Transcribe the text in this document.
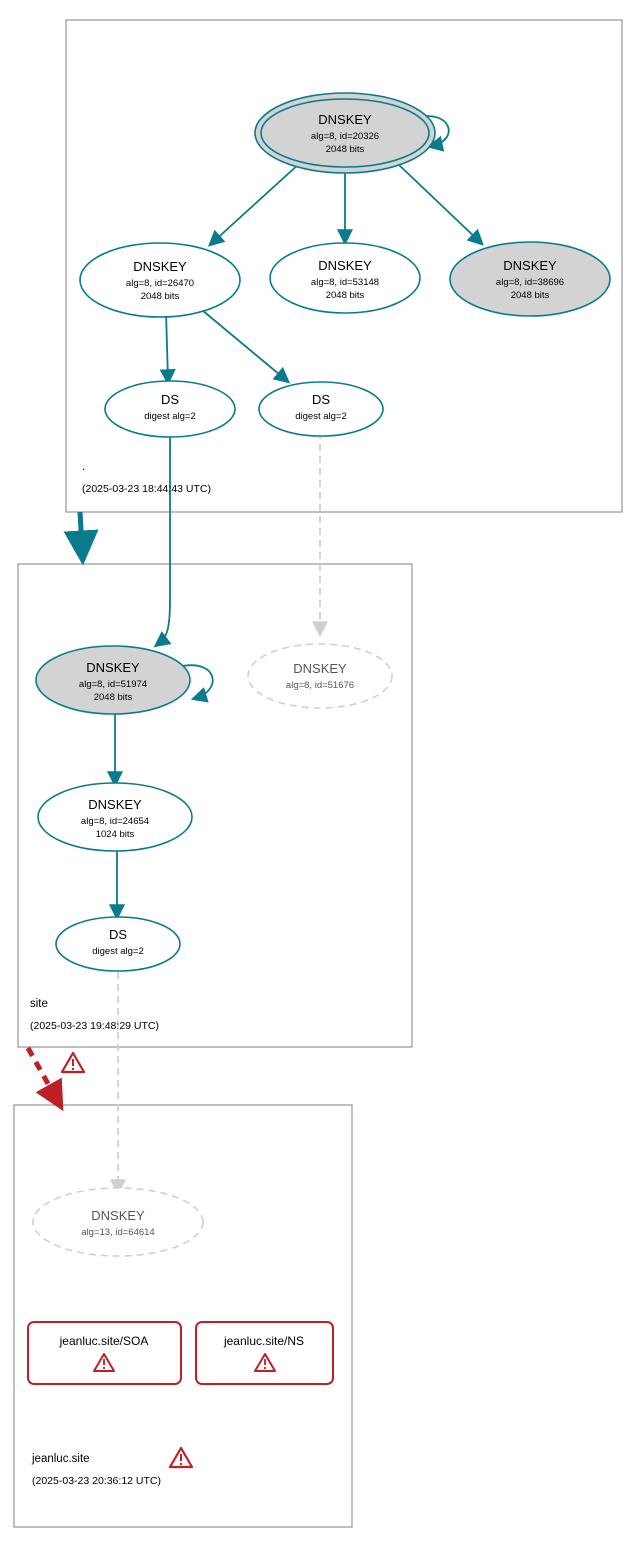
DNSKEY
alg=8, id=20326
2048 bits
DNSKEY
alg=8, id=26470
2048 bits
DNSKEY
alg=8, id=53148
2048 bits
DNSKEY
alg=8, id=38696
2048 bits
DS
digest alg=2
DS
digest alg=2
.
(2025-03-23 18:44:43 UTC)
DNSKEY
alg=8, id=51974
2048 bits
DNSKEY
alg=8, id=51676
DNSKEY
alg=8, id=24654
1024 bits
DS
digest alg=2
site
(2025-03-23 19:48:29 UTC)
DNSKEY
alg=13, id=64614
jeanluc.site/SOA	jeanluc.site/NS
jeanluc.site
(2025-03-23 20:36:12 UTC)
